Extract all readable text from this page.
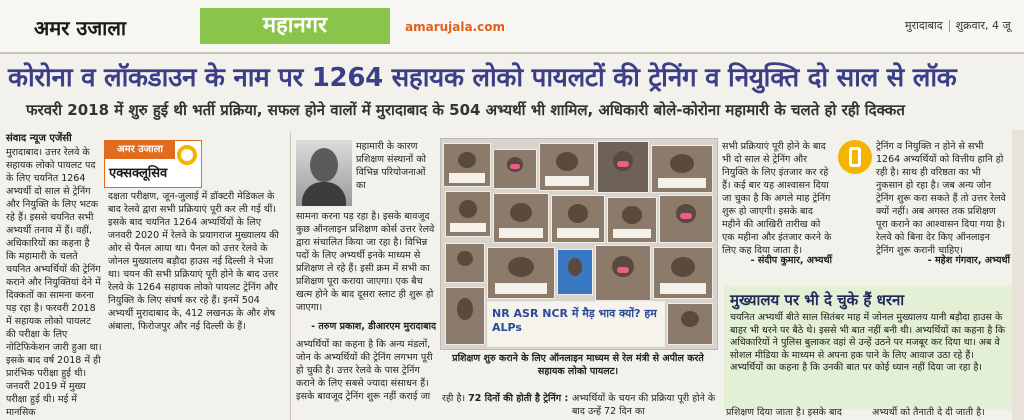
अमर उजाला	महानगर	amarujala.com	मुरादाबाद शुक्रवार, 4 जू
कोरोना व लॉकडाउन के नाम पर 1264 सहायक लोको पायलटों की ट्रेनिंग व नियुक्ति दो साल से लॉक
फरवरी 2018 में शुरु हुई थी भर्ती प्रक्रिया, सफल होने वालों में मुरादाबाद के 504 अभ्यर्थी भी शामिल, अधिकारी बोले-कोरोना महामारी के चलते हो रही दिक्कत
संवाद न्यूज एजेंसी
अमर उजाला
एक्सक्लूसिव

मुरादाबाद। उत्तर रेलवे के सहायक लोको पायलट पद के लिए चयनित 1264 अभ्यर्थी दो साल से ट्रेनिंग और नियुक्ति के लिए भटक रहे हैं। इससे चयनित सभी अभ्यर्थी तनाव में हैं। वहीं, अधिकारियों का कहना है कि महामारी के चलते चयनित अभ्यर्थियों की ट्रेनिंग कराने और नियुक्तियां देने में दिक्कतों का सामना करना पड़ रहा है। फरवरी 2018 में सहायक लोको पायलट की परीक्षा के लिए नोटिफिकेशन जारी हुआ था। इसके बाद वर्ष 2018 में ही प्रारंभिक परीक्षा हुई थी। जनवरी 2019 में मुख्य परीक्षा हुई थी। मई में मानसिक

दक्षता परीक्षण, जून-जुलाई में डॉक्टरी मेडिकल के बाद रेलवे द्वारा सभी प्रक्रियाएं पूरी कर ली गई थीं। इसके बाद चयनित 1264 अभ्यर्थियों के लिए जनवरी 2020 में रेलवे के प्रयागराज मुख्यालय की ओर से पैनल आया था। पैनल को उत्तर रेलवे के जोनल मुख्यालय बड़ौदा हाउस नई दिल्ली ने भेजा था। चयन की सभी प्रक्रियाएं पूरी होने के बाद उत्तर रेलवे के 1264 सहायक लोको पायलट ट्रेनिंग और नियुक्ति के लिए संघर्ष कर रहे हैं। इनमें 504 अभ्यर्थी मुरादाबाद के, 412 लखनऊ के और शेष अंबाला, फिरोजपुर और नई दिल्ली के हैं।

महामारी के कारण प्रशिक्षण संस्थानों को विभिन्न परियोजनाओं का

सामना करना पड़ रहा है। इसके बावजूद कुछ ऑनलाइन प्रशिक्षण कोर्स उत्तर रेलवे द्वारा संचालित किया जा रहा है। विभिन्न पदों के लिए अभ्यर्थी इनके माध्यम से प्रशिक्षण ले रहे हैं। इसी क्रम में सभी का प्रशिक्षण पूरा कराया जाएगा। एक बैच खत्म होने के बाद दूसरा स्लाट ही शुरू हो जाएगा।

- तरुण प्रकाश, डीआरएम मुरादाबाद

अभ्यर्थियों का कहना है कि अन्य मंडलों, जोन के अभ्यर्थियों की ट्रेनिंग लगभग पूरी हो चुकी है। उत्तर रेलवे के पास ट्रेनिंग कराने के लिए सबसे ज्यादा संसाधन हैं। इसके बावजूद ट्रेनिंग शुरू नहीं कराई जा

NR ASR NCR में मैड़ भाव क्यों? हम ALPs
प्रशिक्षण शुरु कराने के लिए ऑनलाइन माध्यम से रेल मंत्री से अपील करते सहायक लोको पायलट।

सभी प्रक्रियाएं पूरी होने के बाद भी दो साल से ट्रेनिंग और नियुक्ति के लिए इंतजार कर रहे हैं। कई बार यह आश्वासन दिया जा चुका है कि अगले माह ट्रेनिंग शुरू हो जाएगी। इसके बाद महीने की आखिरी तारीख को एक महीना और इंतजार करने के लिए कह दिया जाता है।

- संदीप कुमार, अभ्यर्थी

ट्रेनिंग व नियुक्ति न होने से सभी 1264 अभ्यर्थियों को वित्तीय हानि हो रही है। साथ ही वरिष्ठता का भी नुकसान हो रहा है। जब अन्य जोन ट्रेनिंग शुरू करा सकते हैं तो उत्तर रेलवे क्यों नहीं। अब अगस्त तक प्रशिक्षण पूरा कराने का आश्वासन दिया गया है। रेलवे को बिना देर किए ऑनलाइन ट्रेनिंग शुरू करानी चाहिए।

- महेश गंगवार, अभ्यर्थी
मुख्यालय पर भी दे चुके हैं धरना
चयनित अभ्यर्थी बीते साल सितंबर माह में जोनल मुख्यालय यानी बड़ौदा हाउस के बाहर भी धरने पर बैठे थे। इससे भी बात नहीं बनी थी। अभ्यर्थियों का कहना है कि अधिकारियों ने पुलिस बुलाकर वहां से उन्हें उठने पर मजबूर कर दिया था। अब वे सोशल मीडिया के माध्यम से अपना हक पाने के लिए आवाज उठा रहे हैं। अभ्यर्थियों का कहना है कि उनकी बात पर कोई ध्यान नहीं दिया जा रहा है।
रही है। 72 दिनों की होती है ट्रेनिंग : अभ्यर्थियों के चयन की प्रक्रिया पूरी होने के बाद उन्हें 72 दिन का	प्रशिक्षण दिया जाता है। इसके बाद	अभ्यर्थी को तैनाती दे दी जाती है।
